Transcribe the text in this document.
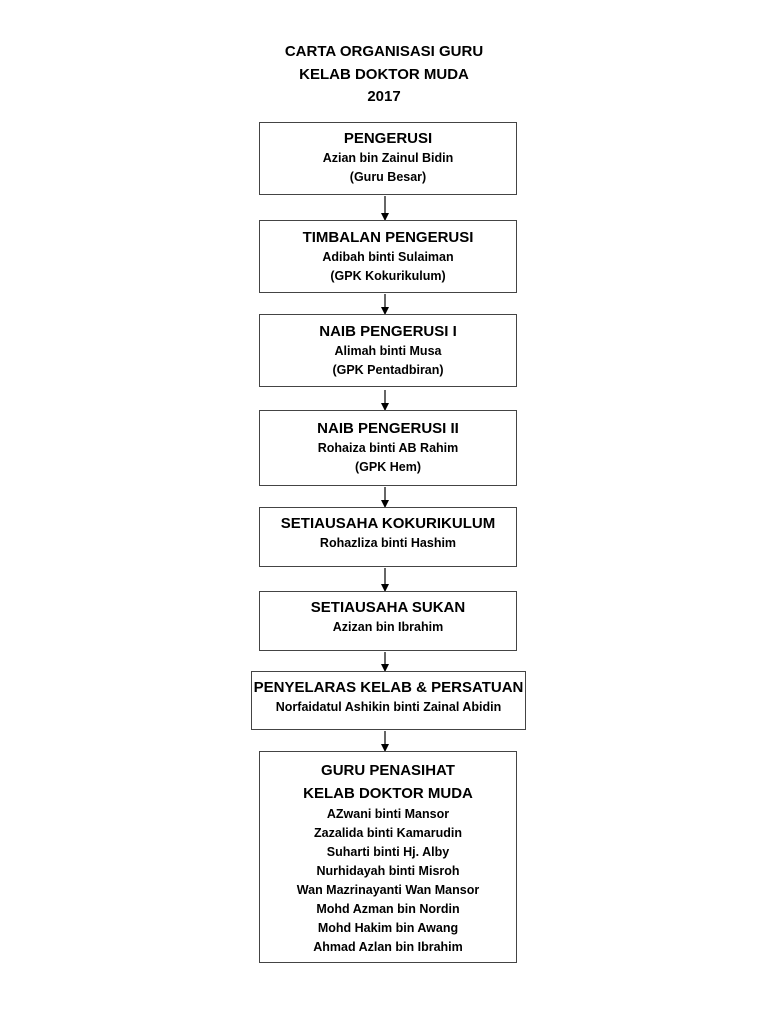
CARTA ORGANISASI GURU
KELAB DOKTOR MUDA
2017
PENGERUSI
Azian bin Zainul Bidin
(Guru Besar)
TIMBALAN PENGERUSI
Adibah binti Sulaiman
(GPK Kokurikulum)
NAIB PENGERUSI I
Alimah binti Musa
(GPK Pentadbiran)
NAIB PENGERUSI II
Rohaiza binti AB Rahim
(GPK Hem)
SETIAUSAHA KOKURIKULUM
Rohazliza binti Hashim
SETIAUSAHA SUKAN
Azizan bin Ibrahim
PENYELARAS KELAB & PERSATUAN
Norfaidatul Ashikin binti Zainal Abidin
GURU PENASIHAT
KELAB DOKTOR MUDA
AZwani binti Mansor
Zazalida binti Kamarudin
Suharti binti Hj. Alby
Nurhidayah binti Misroh
Wan Mazrinayanti Wan Mansor
Mohd Azman bin Nordin
Mohd Hakim bin Awang
Ahmad Azlan bin Ibrahim
